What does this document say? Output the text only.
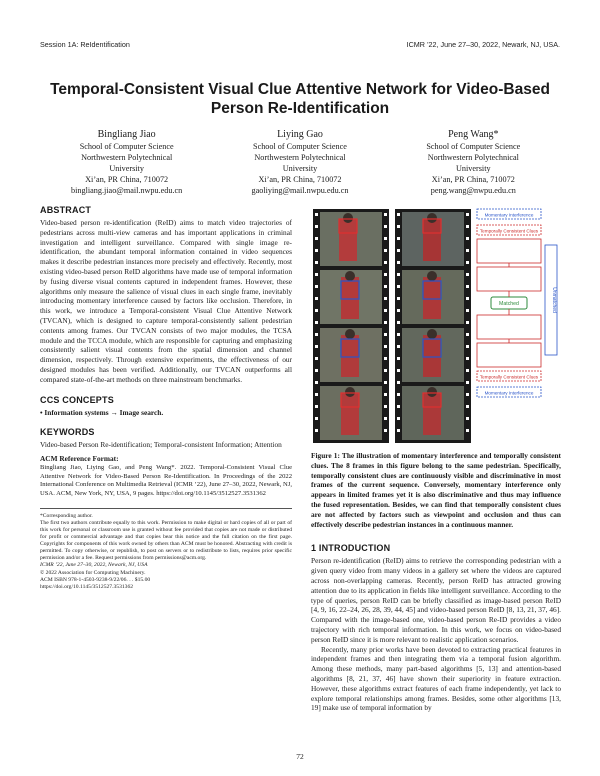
Session 1A: ReIdentification	ICMR ’22, June 27–30, 2022, Newark, NJ, USA.
Temporal-Consistent Visual Clue Attentive Network for Video-Based Person Re-Identification
Bingliang Jiao
School of Computer Science
Northwestern Polytechnical
University
Xi’an, PR China, 710072
bingliang.jiao@mail.nwpu.edu.cn
Liying Gao
School of Computer Science
Northwestern Polytechnical
University
Xi’an, PR China, 710072
gaoliying@mail.nwpu.edu.cn
Peng Wang*
School of Computer Science
Northwestern Polytechnical
University
Xi’an, PR China, 710072
peng.wang@nwpu.edu.cn
ABSTRACT

Video-based person re-identification (ReID) aims to match video trajectories of pedestrians across multi-view cameras and has important applications in criminal investigation and intelligent surveillance. Compared with single image re-identification, the abundant temporal information contained in video sequences makes it describe pedestrian instances more precisely and effectively. Recently, most existing video-based person ReID algorithms have made use of temporal information by fusing diverse visual contents captured in independent frames. However, these algorithms only measure the salience of visual clues in each single frame, inevitably introducing momentary interference caused by factors like occlusion. Therefore, in this work, we introduce a Temporal-consistent Visual Clue Attentive Network (TVCAN), which is designed to capture temporal-consistently salient pedestrian contents among frames. Our TVCAN consists of two major modules, the TCSA module and the TCCA module, which are responsible for capturing and emphasizing consistently salient visual contents from the spatial dimension and channel dimension, respectively. Through extensive experiments, the effectiveness of our designed modules has been verified. Additionally, our TVCAN outperforms all compared state-of-the-art methods on three mainstream benchmarks.

CCS CONCEPTS

• Information systems → Image search.

KEYWORDS

Video-based Person Re-identification; Temporal-consistent Information; Attention

ACM Reference Format:

Bingliang Jiao, Liying Gao, and Peng Wang*. 2022. Temporal-Consistent Visual Clue Attentive Network for Video-Based Person Re-Identification. In Proceedings of the 2022 International Conference on Multimedia Retrieval (ICMR ’22), June 27–30, 2022, Newark, NJ, USA. ACM, New York, NY, USA, 9 pages. https://doi.org/10.1145/3512527.3531362

*Corresponding author.

The first two authors contribute equally to this work. Permission to make digital or hard copies of all or part of this work for personal or classroom use is granted without fee provided that copies are not made or distributed for profit or commercial advantage and that copies bear this notice and the full citation on the first page. Copyrights for components of this work owned by others than ACM must be honored. Abstracting with credit is permitted. To copy otherwise, or republish, to post on servers or to redistribute to lists, requires prior specific permission and/or a fee. Request permissions from permissions@acm.org.

ICMR ’22, June 27–30, 2022, Newark, NJ, USA

© 2022 Association for Computing Machinery.

ACM ISBN 978-1-4503-9238-9/22/06. . . $15.00

https://doi.org/10.1145/3512527.3531362

Momentary Interference
Temporally Consistent Clues
Matched
Temporally Consistent Clues
Momentary Interference
Unmatched

Figure 1: The illustration of momentary interference and temporally consistent clues. The 8 frames in this figure belong to the same pedestrian. Specifically, temporally consistent clues are continuously visible and discriminative in most frames of the current sequence. Conversely, momentary interference only appears in limited frames yet it is also discriminative and thus may influence the fused representation. Besides, we can find that temporally consistent clues are not affected by factors such as viewpoint and occlusion and thus can effectively describe pedestrian instances in a continuous manner.

1 INTRODUCTION

Person re-identification (ReID) aims to retrieve the corresponding pedestrian with a given query video from many videos in a gallery set where the videos are captured across non-overlapping cameras. Recently, person ReID has attracted growing attention due to its application in fields like intelligent surveillance. According to the type of queries, person ReID can be briefly classified as image-based person ReID [4, 9, 16, 22–24, 26, 28, 39, 44, 45] and video-based person ReID [8, 13, 21, 37, 46]. Compared with the image-based one, video-based person Re-ID provides a video trajectory with rich temporal information. In this work, we focus on video-based person ReID since it is more relevant to realistic application scenarios.

Recently, many prior works have been devoted to extracting practical features in independent frames and then integrating them via a temporal fusion algorithm. Among these methods, many part-based algorithms [5, 13] and attention-based algorithms [8, 21, 37, 46] have shown their superiority in feature extraction. However, these algorithms extract features of each frame independently, yet lack to explore temporal relationships among frames. Besides, some other algorithms [13, 19] make use of temporal information by

72
